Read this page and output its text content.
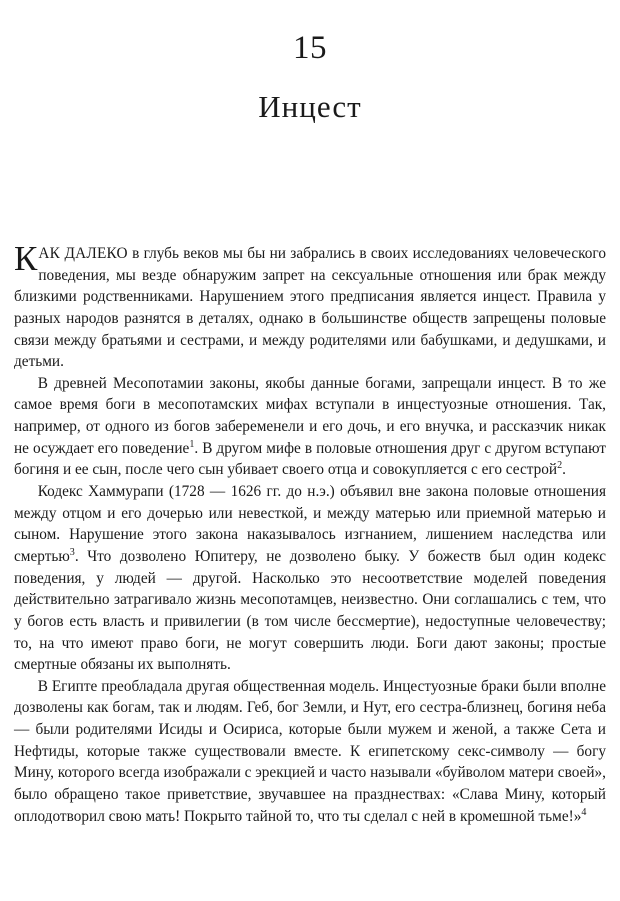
15
Инцест

КАК ДАЛЕКО в глубь веков мы бы ни забрались в своих исследованиях человеческого поведения, мы везде обнаружим запрет на сексуальные отношения или брак между близкими родственниками. Нарушением этого предписания является инцест. Правила у разных народов разнятся в деталях, однако в большинстве обществ запрещены половые связи между братьями и сестрами, и между родителями или бабушками, и дедушками, и детьми.

В древней Месопотамии законы, якобы данные богами, запрещали инцест. В то же самое время боги в месопотамских мифах вступали в инцестуозные отношения. Так, например, от одного из богов забеременели и его дочь, и его внучка, и рассказчик никак не осуждает его поведение$^1$. В другом мифе в половые отношения друг с другом вступают богиня и ее сын, после чего сын убивает своего отца и совокупляется с его сестрой$^2$.

Кодекс Хаммурапи (1728 — 1626 гг. до н.э.) объявил вне закона половые отношения между отцом и его дочерью или невесткой, и между матерью или приемной матерью и сыном. Нарушение этого закона наказывалось изгнанием, лишением наследства или смертью$^3$. Что дозволено Юпитеру, не дозволено быку. У божеств был один кодекс поведения, у людей — другой. Насколько это несоответствие моделей поведения действительно затрагивало жизнь месопотамцев, неизвестно. Они соглашались с тем, что у богов есть власть и привилегии (в том числе бессмертие), недоступные человечеству; то, на что имеют право боги, не могут совершить люди. Боги дают законы; простые смертные обязаны их выполнять.

В Египте преобладала другая общественная модель. Инцестуозные браки были вполне дозволены как богам, так и людям. Геб, бог Земли, и Нут, его сестра-близнец, богиня неба — были родителями Исиды и Осириса, которые были мужем и женой, а также Сета и Нефтиды, которые также существовали вместе. К египетскому секс-символу — богу Мину, которого всегда изображали с эрекцией и часто называли «буйволом матери своей», было обращено такое приветствие, звучавшее на празднествах: «Слава Мину, который оплодотворил свою мать! Покрыто тайной то, что ты сделал с ней в кромешной тьме!»$^4$
